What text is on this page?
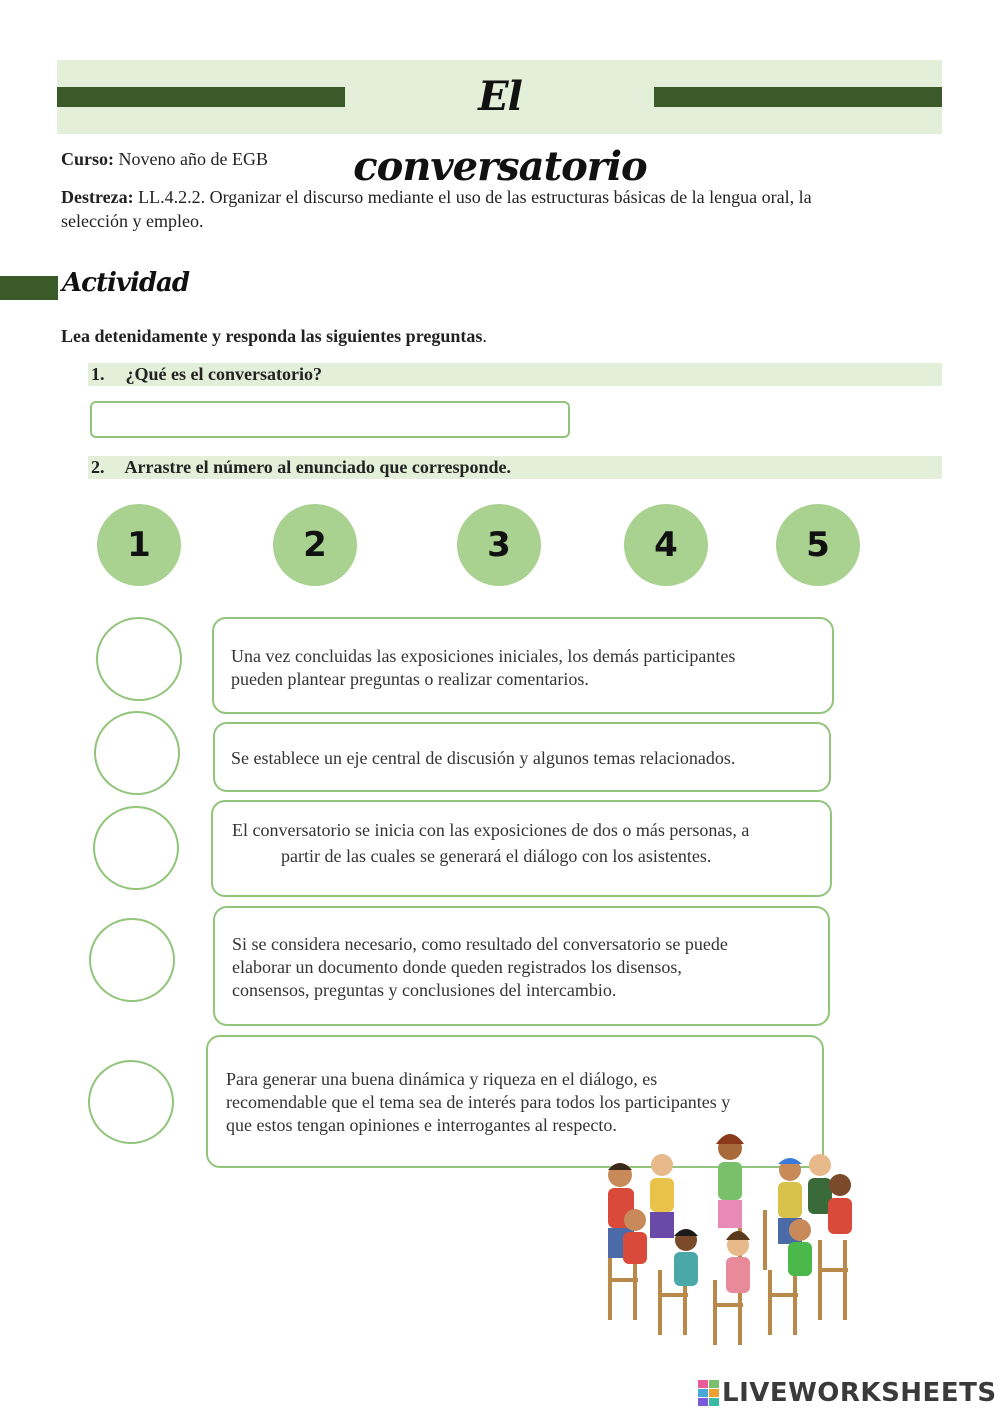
El conversatorio
Curso: Noveno año de EGB
Destreza: LL.4.2.2. Organizar el discurso mediante el uso de las estructuras básicas de la lengua oral, la
selección y empleo.
Actividad
Lea detenidamente y responda las siguientes preguntas.
1. ¿Qué es el conversatorio?
2. Arrastre el número al enunciado que corresponde.
1	2	3	4	5
Una vez concluidas las exposiciones iniciales, los demás participantes
pueden plantear preguntas o realizar comentarios.
Se establece un eje central de discusión y algunos temas relacionados.
El conversatorio se inicia con las exposiciones de dos o más personas, a
partir de las cuales se generará el diálogo con los asistentes.
Si se considera necesario, como resultado del conversatorio se puede
elaborar un documento donde queden registrados los disensos,
consensos, preguntas y conclusiones del intercambio.
Para generar una buena dinámica y riqueza en el diálogo, es
recomendable que el tema sea de interés para todos los participantes y
que estos tengan opiniones e interrogantes al respecto.
LIVEWORKSHEETS
